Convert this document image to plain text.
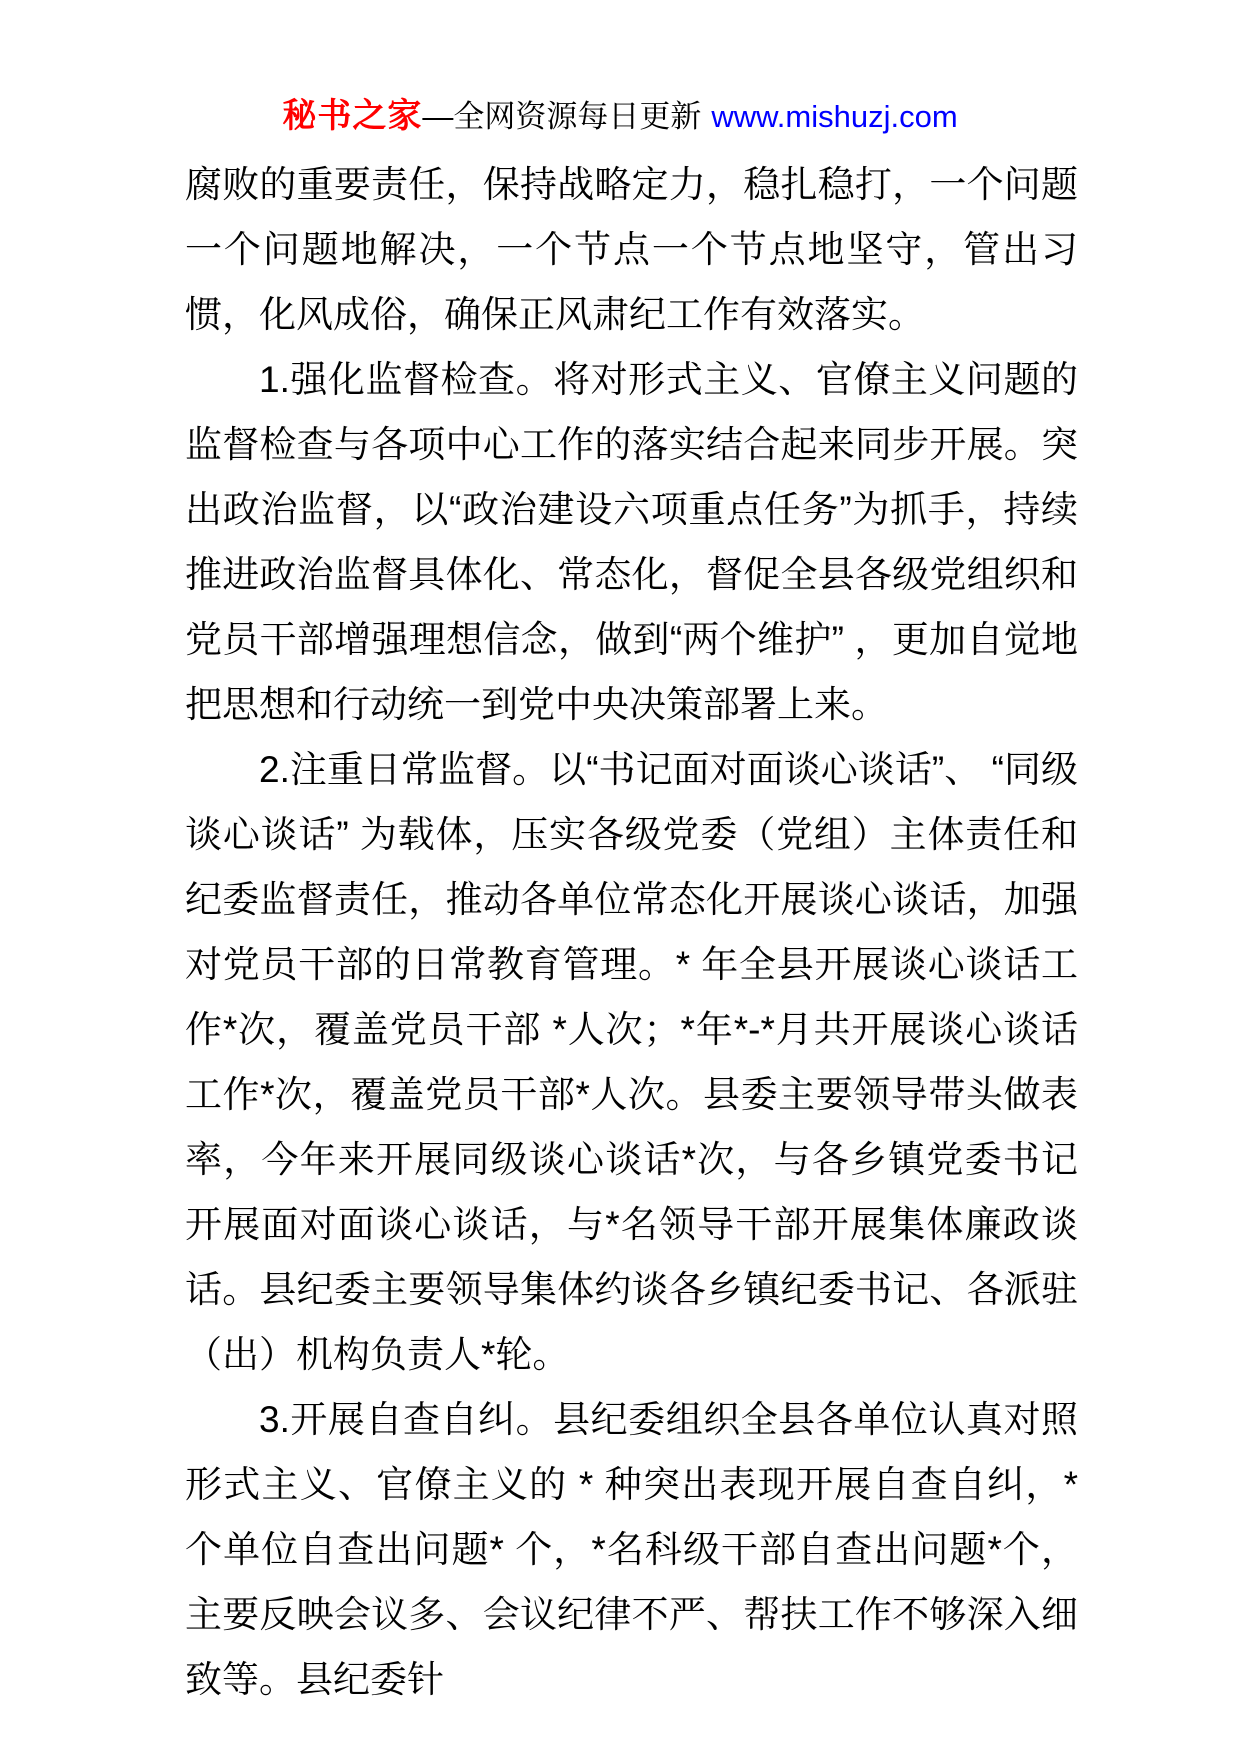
秘书之家—全网资源每日更新 www.mishuzj.com

腐败的重要责任，保持战略定力，稳扎稳打，一个问题一个问题地解决，一个节点一个节点地坚守，管出习惯，化风成俗，确保正风肃纪工作有效落实。

1.强化监督检查。将对形式主义、官僚主义问题的监督检查与各项中心工作的落实结合起来同步开展。突出政治监督，以“政治建设六项重点任务”为抓手，持续推进政治监督具体化、常态化，督促全县各级党组织和党员干部增强理想信念，做到“两个维护” ，更加自觉地把思想和行动统一到党中央决策部署上来。

2.注重日常监督。以“书记面对面谈心谈话”、 “同级谈心谈话” 为载体，压实各级党委（党组）主体责任和纪委监督责任，推动各单位常态化开展谈心谈话，加强对党员干部的日常教育管理。* 年全县开展谈心谈话工作*次，覆盖党员干部 *人次；*年*-*月共开展谈心谈话工作*次，覆盖党员干部*人次。县委主要领导带头做表率，今年来开展同级谈心谈话*次，与各乡镇党委书记开展面对面谈心谈话，与*名领导干部开展集体廉政谈话。县纪委主要领导集体约谈各乡镇纪委书记、各派驻（出）机构负责人*轮。

3.开展自查自纠。县纪委组织全县各单位认真对照形式主义、官僚主义的 * 种突出表现开展自查自纠，*个单位自查出问题* 个，*名科级干部自查出问题*个，主要反映会议多、会议纪律不严、帮扶工作不够深入细致等。县纪委针
